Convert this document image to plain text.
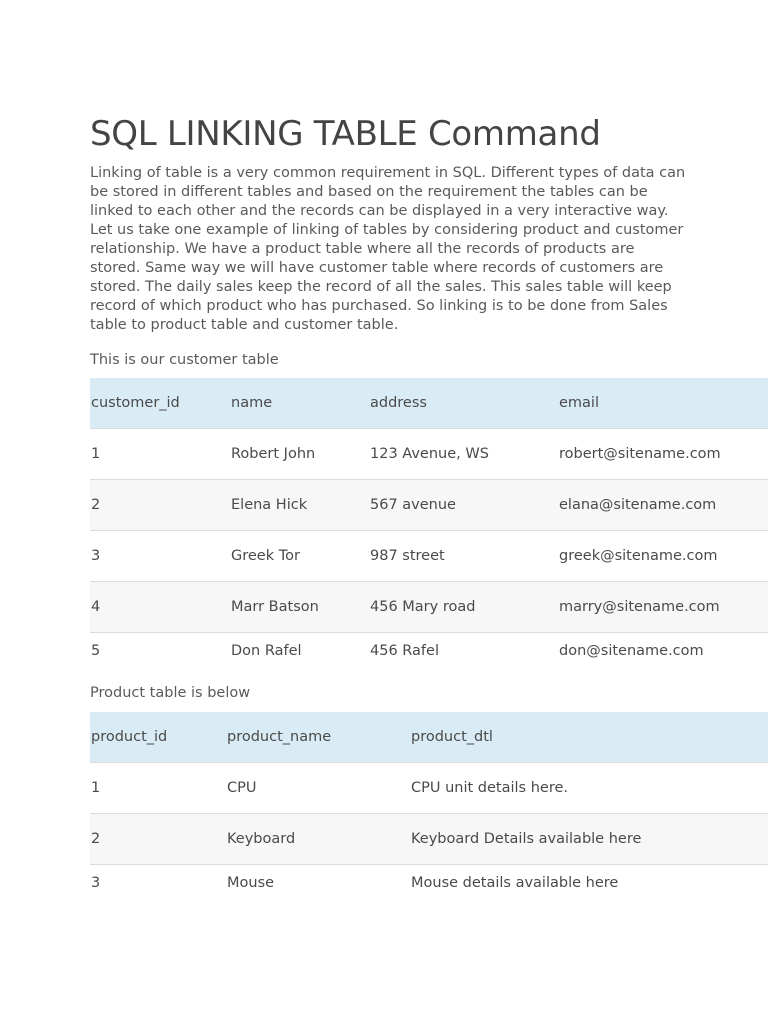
SQL LINKING TABLE Command

Linking of table is a very common requirement in SQL. Different types of data can be stored in different tables and based on the requirement the tables can be linked to each other and the records can be displayed in a very interactive way. Let us take one example of linking of tables by considering product and customer relationship. We have a product table where all the records of products are stored. Same way we will have customer table where records of customers are stored. The daily sales keep the record of all the sales. This sales table will keep record of which product who has purchased. So linking is to be done from Sales table to product table and customer table.

This is our customer table

customer_id	name	address	email
1	Robert John	123 Avenue, WS	robert@sitename.com
2	Elena Hick	567 avenue	elana@sitename.com
3	Greek Tor	987 street	greek@sitename.com
4	Marr Batson	456 Mary road	marry@sitename.com
5	Don Rafel	456 Rafel	don@sitename.com

Product table is below

product_id	product_name	product_dtl
1	CPU	CPU unit details here.
2	Keyboard	Keyboard Details available here
3	Mouse	Mouse details available here
